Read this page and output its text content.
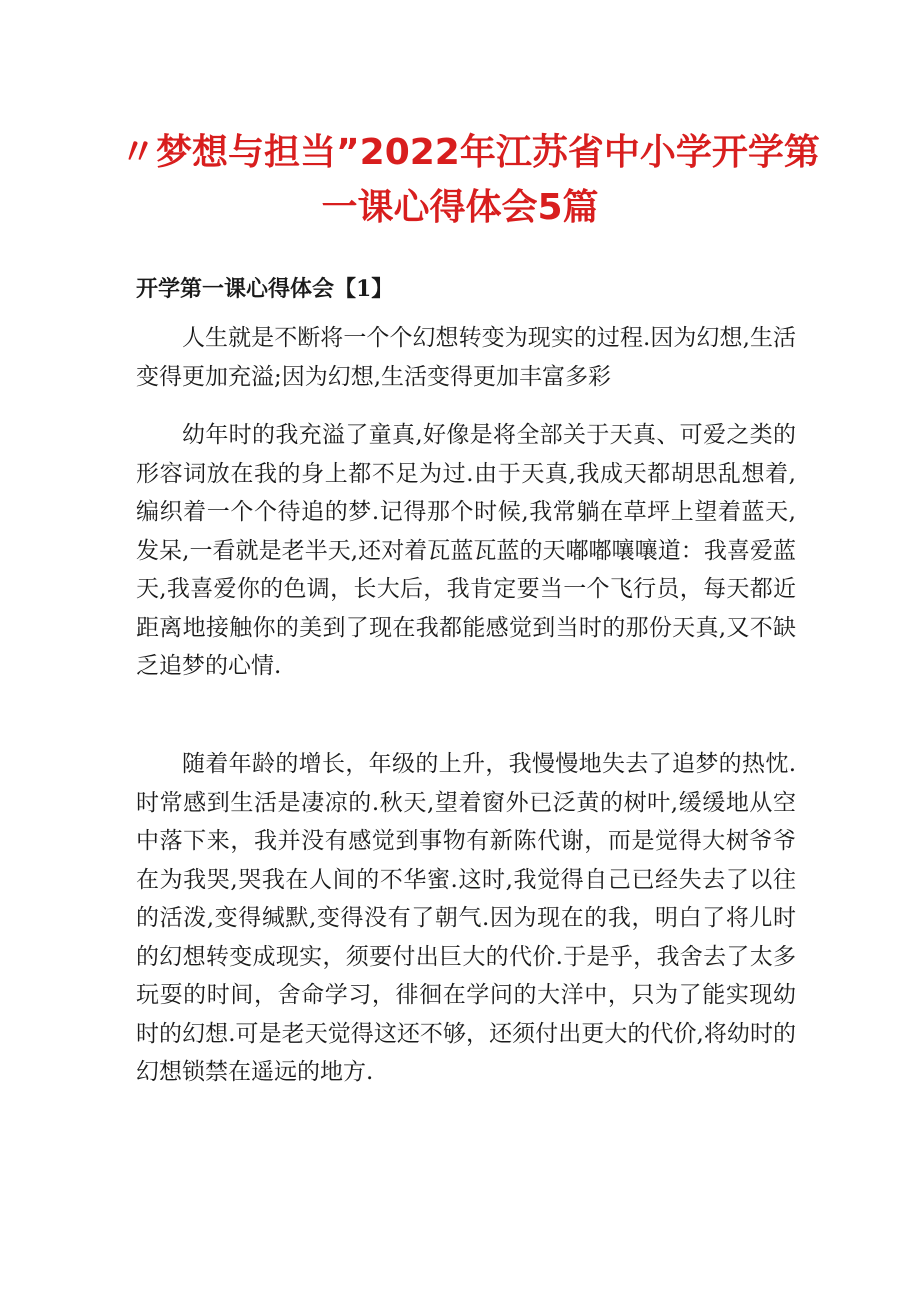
〃梦想与担当”2022年江苏省中小学开学第
一课心得体会5篇
开学第一课心得体会【1】

人生就是不断将一个个幻想转变为现实的过程.因为幻想,生活变得更加充溢;因为幻想,生活变得更加丰富多彩

幼年时的我充溢了童真,好像是将全部关于天真、可爱之类的形容词放在我的身上都不足为过.由于天真,我成天都胡思乱想着,编织着一个个待追的梦.记得那个时候,我常躺在草坪上望着蓝天,发呆,一看就是老半天,还对着瓦蓝瓦蓝的天嘟嘟嚷嚷道：我喜爱蓝天,我喜爱你的色调，长大后，我肯定要当一个飞行员，每天都近距离地接触你的美到了现在我都能感觉到当时的那份天真,又不缺乏追梦的心情.

随着年龄的增长，年级的上升，我慢慢地失去了追梦的热忱.时常感到生活是凄凉的.秋天,望着窗外已泛黄的树叶,缓缓地从空中落下来，我并没有感觉到事物有新陈代谢，而是觉得大树爷爷在为我哭,哭我在人间的不华蜜.这时,我觉得自己已经失去了以往的活泼,变得缄默,变得没有了朝气.因为现在的我，明白了将儿时的幻想转变成现实，须要付出巨大的代价.于是乎，我舍去了太多玩耍的时间，舍命学习，徘徊在学问的大洋中，只为了能实现幼时的幻想.可是老天觉得这还不够，还须付出更大的代价,将幼时的幻想锁禁在遥远的地方.
